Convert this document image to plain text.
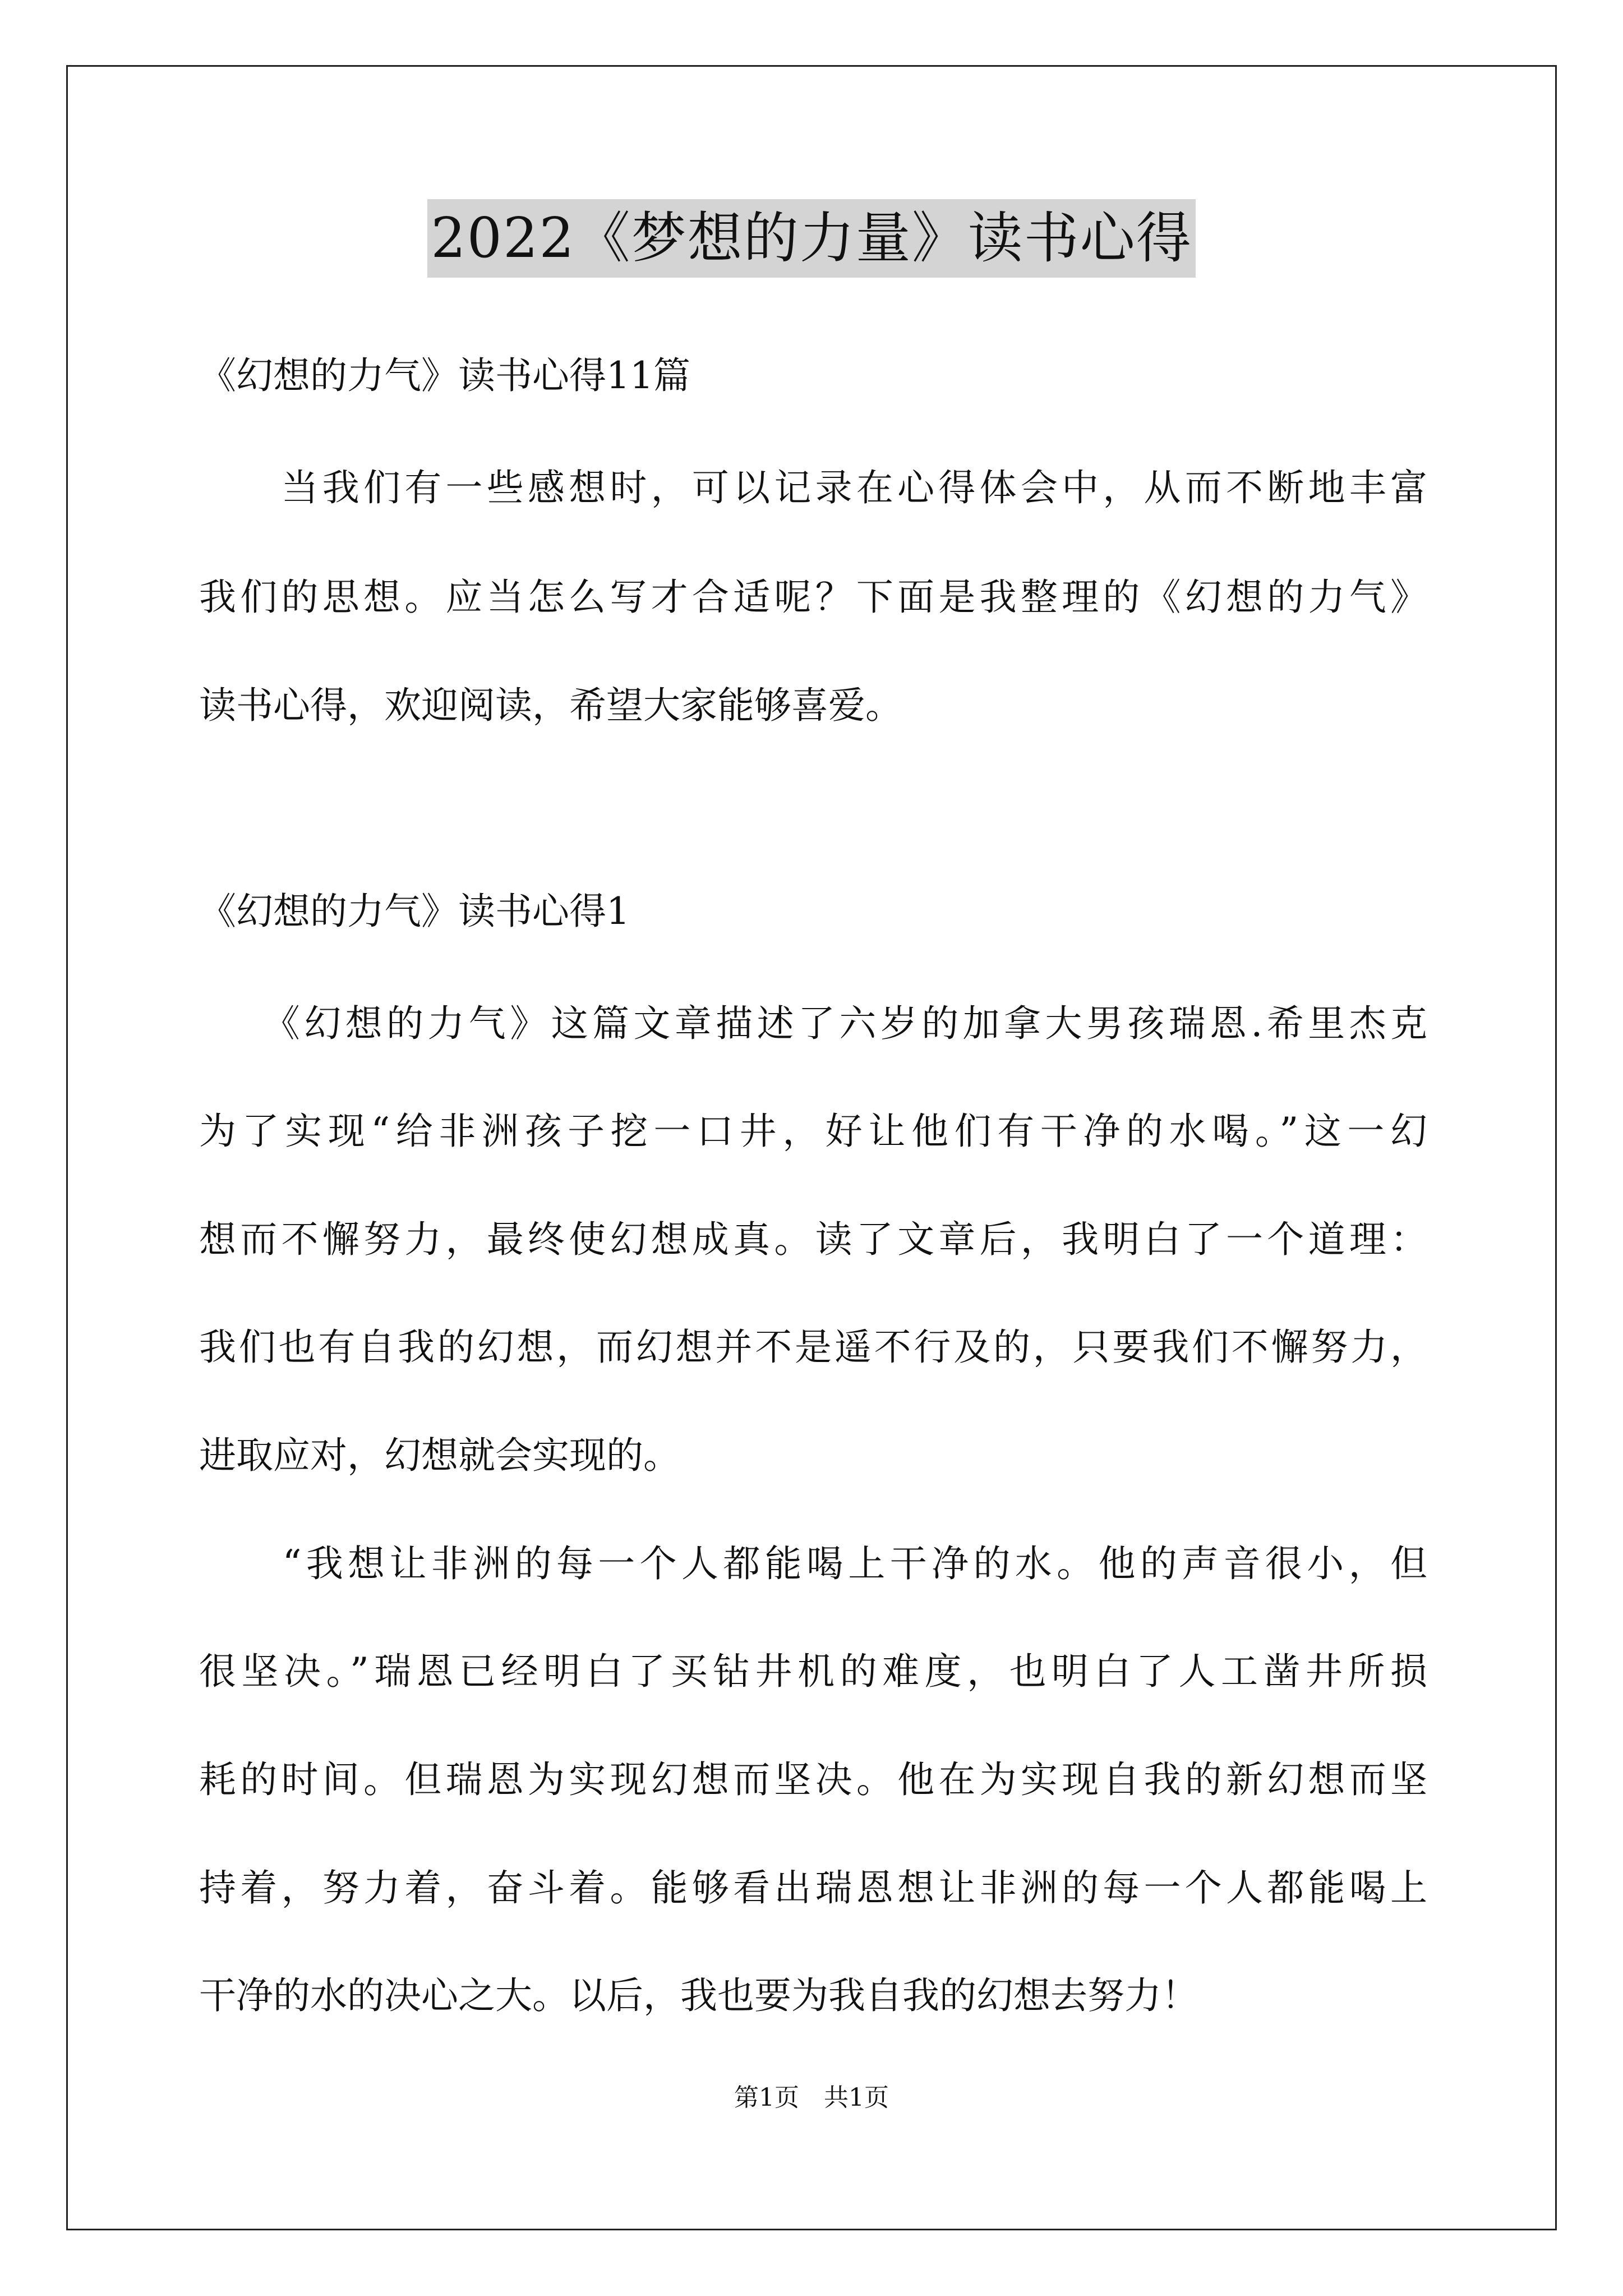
2022《梦想的力量》读书心得
《幻想的力气》读书心得11篇
　　当我们有一些感想时，可以记录在心得体会中，从而不断地丰富
我们的思想。应当怎么写才合适呢？下面是我整理的《幻想的力气》
读书心得，欢迎阅读，希望大家能够喜爱。
《幻想的力气》读书心得1
　　《幻想的力气》这篇文章描述了六岁的加拿大男孩瑞恩.希里杰克
为了实现“给非洲孩子挖一口井，好让他们有干净的水喝。”这一幻
想而不懈努力，最终使幻想成真。读了文章后，我明白了一个道理：
我们也有自我的幻想，而幻想并不是遥不行及的，只要我们不懈努力，
进取应对，幻想就会实现的。
　　“我想让非洲的每一个人都能喝上干净的水。他的声音很小，但
很坚决。”瑞恩已经明白了买钻井机的难度，也明白了人工凿井所损
耗的时间。但瑞恩为实现幻想而坚决。他在为实现自我的新幻想而坚
持着，努力着，奋斗着。能够看出瑞恩想让非洲的每一个人都能喝上
干净的水的决心之大。以后，我也要为我自我的幻想去努力！
第1页　共1页
